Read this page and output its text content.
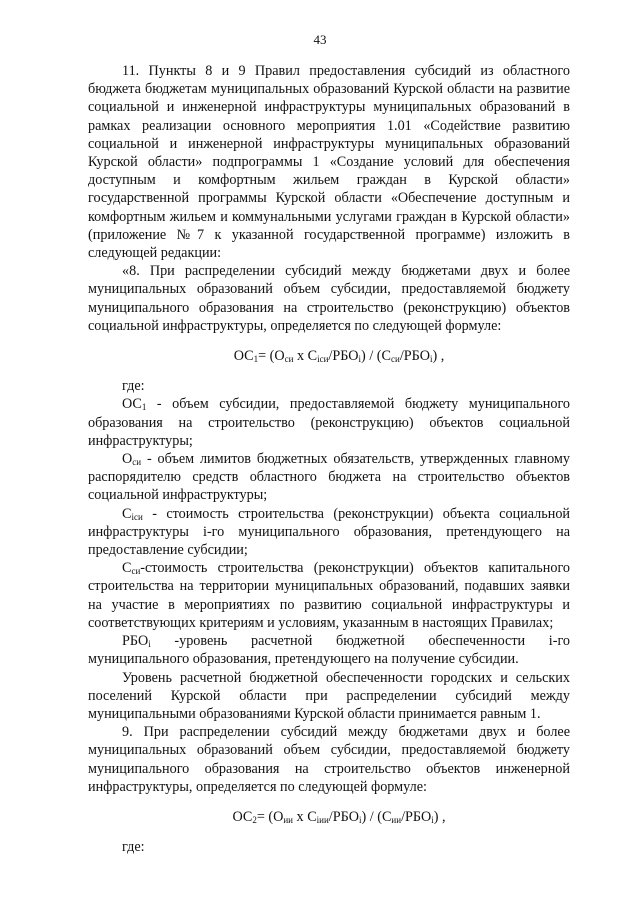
43

11. Пункты 8 и 9 Правил предоставления субсидий из областного бюджета бюджетам муниципальных образований Курской области на развитие социальной и инженерной инфраструктуры муниципальных образований в рамках реализации основного мероприятия 1.01 «Содействие развитию социальной и инженерной инфраструктуры муниципальных образований Курской области» подпрограммы 1 «Создание условий для обеспечения доступным и комфортным жильем граждан в Курской области» государственной программы Курской области «Обеспечение доступным и комфортным жильем и коммунальными услугами граждан в Курской области» (приложение №7 к указанной государственной программе) изложить в следующей редакции:

«8. При распределении субсидий между бюджетами двух и более муниципальных образований объем субсидии, предоставляемой бюджету муниципального образования на строительство (реконструкцию) объектов социальной инфраструктуры, определяется по следующей формуле:

$ОС_1= (О_{си}$ x $С_{iси}/РБО_i) / (С_{си}/РБО_i)$ ,

где:

$ОС_1$ - объем субсидии, предоставляемой бюджету муниципального образования на строительство (реконструкцию) объектов социальной инфраструктуры;

$О_{си}$ - объем лимитов бюджетных обязательств, утвержденных главному распорядителю средств областного бюджета на строительство объектов социальной инфраструктуры;

$С_{iси}$ - стоимость строительства (реконструкции) объекта социальной инфраструктуры i-го муниципального образования, претендующего на предоставление субсидии;

$С_{си}$-стоимость строительства (реконструкции) объектов капитального строительства на территории муниципальных образований, подавших заявки на участие в мероприятиях по развитию социальной инфраструктуры и соответствующих критериям и условиям, указанным в настоящих Правилах;

$РБО_i$ -уровень расчетной бюджетной обеспеченности i-го муниципального образования, претендующего на получение субсидии.

Уровень расчетной бюджетной обеспеченности городских и сельских поселений Курской области при распределении субсидий между муниципальными образованиями Курской области принимается равным 1.

9. При распределении субсидий между бюджетами двух и более муниципальных образований объем субсидии, предоставляемой бюджету муниципального образования на строительство объектов инженерной инфраструктуры, определяется по следующей формуле:

$ОС_2= (О_{ии}$ x $С_{iии}/РБО_i) / (С_{ии}/РБО_i)$ ,

где:
